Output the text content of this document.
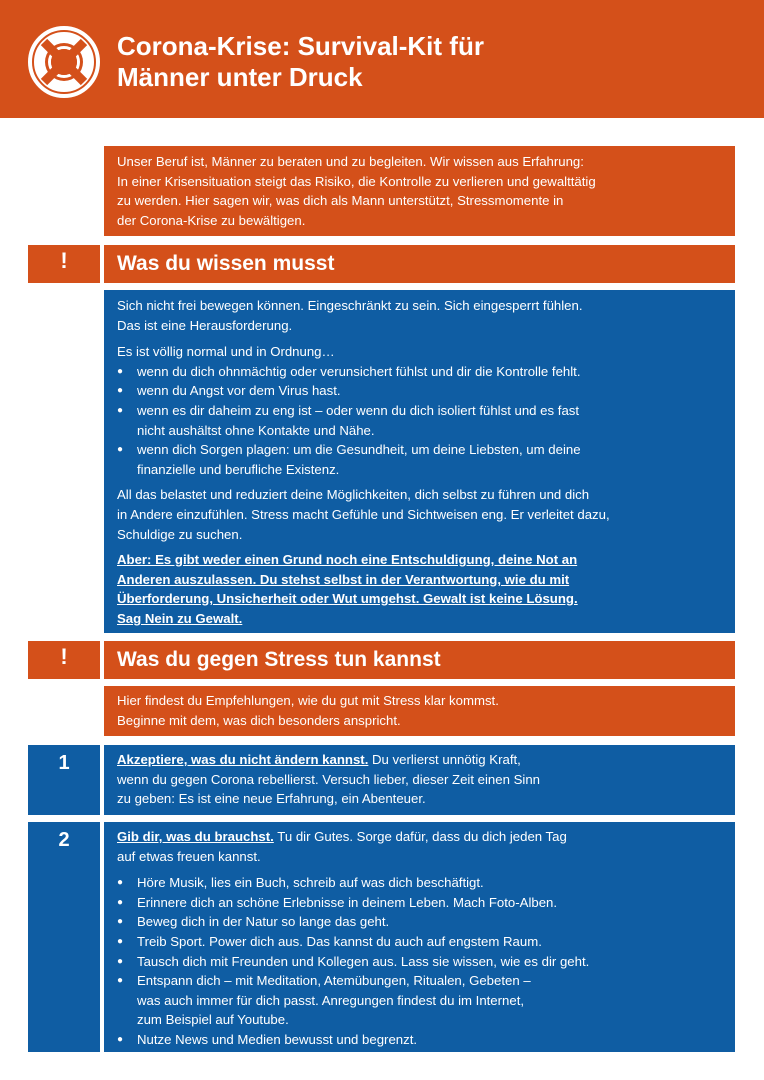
Corona-Krise: Survival-Kit für
Männer unter Druck
Unser Beruf ist, Männer zu beraten und zu begleiten. Wir wissen aus Erfahrung:
In einer Krisensituation steigt das Risiko, die Kontrolle zu verlieren und gewalttätig
zu werden. Hier sagen wir, was dich als Mann unterstützt, Stressmomente in
der Corona-Krise zu bewältigen.
!	Was du wissen musst
Sich nicht frei bewegen können. Eingeschränkt zu sein. Sich eingesperrt fühlen.
Das ist eine Herausforderung.
Es ist völlig normal und in Ordnung…
● wenn du dich ohnmächtig oder verunsichert fühlst und dir die Kontrolle fehlt.
● wenn du Angst vor dem Virus hast.
● wenn es dir daheim zu eng ist – oder wenn du dich isoliert fühlst und es fast
nicht aushältst ohne Kontakte und Nähe.
● wenn dich Sorgen plagen: um die Gesundheit, um deine Liebsten, um deine
finanzielle und berufliche Existenz.
All das belastet und reduziert deine Möglichkeiten, dich selbst zu führen und dich
in Andere einzufühlen. Stress macht Gefühle und Sichtweisen eng. Er verleitet dazu,
Schuldige zu suchen.
Aber: Es gibt weder einen Grund noch eine Entschuldigung, deine Not an
Anderen auszulassen. Du stehst selbst in der Verantwortung, wie du mit
Überforderung, Unsicherheit oder Wut umgehst. Gewalt ist keine Lösung.
Sag Nein zu Gewalt.
!	Was du gegen Stress tun kannst
Hier findest du Empfehlungen, wie du gut mit Stress klar kommst.
Beginne mit dem, was dich besonders anspricht.
1	Akzeptiere, was du nicht ändern kannst. Du verlierst unnötig Kraft,
wenn du gegen Corona rebellierst. Versuch lieber, dieser Zeit einen Sinn
zu geben: Es ist eine neue Erfahrung, ein Abenteuer.
2	Gib dir, was du brauchst. Tu dir Gutes. Sorge dafür, dass du dich jeden Tag
auf etwas freuen kannst.
● Höre Musik, lies ein Buch, schreib auf was dich beschäftigt.
● Erinnere dich an schöne Erlebnisse in deinem Leben. Mach Foto-Alben.
● Beweg dich in der Natur so lange das geht.
● Treib Sport. Power dich aus. Das kannst du auch auf engstem Raum.
● Tausch dich mit Freunden und Kollegen aus. Lass sie wissen, wie es dir geht.
● Entspann dich – mit Meditation, Atemübungen, Ritualen, Gebeten –
was auch immer für dich passt. Anregungen findest du im Internet,
zum Beispiel auf Youtube.
● Nutze News und Medien bewusst und begrenzt.
